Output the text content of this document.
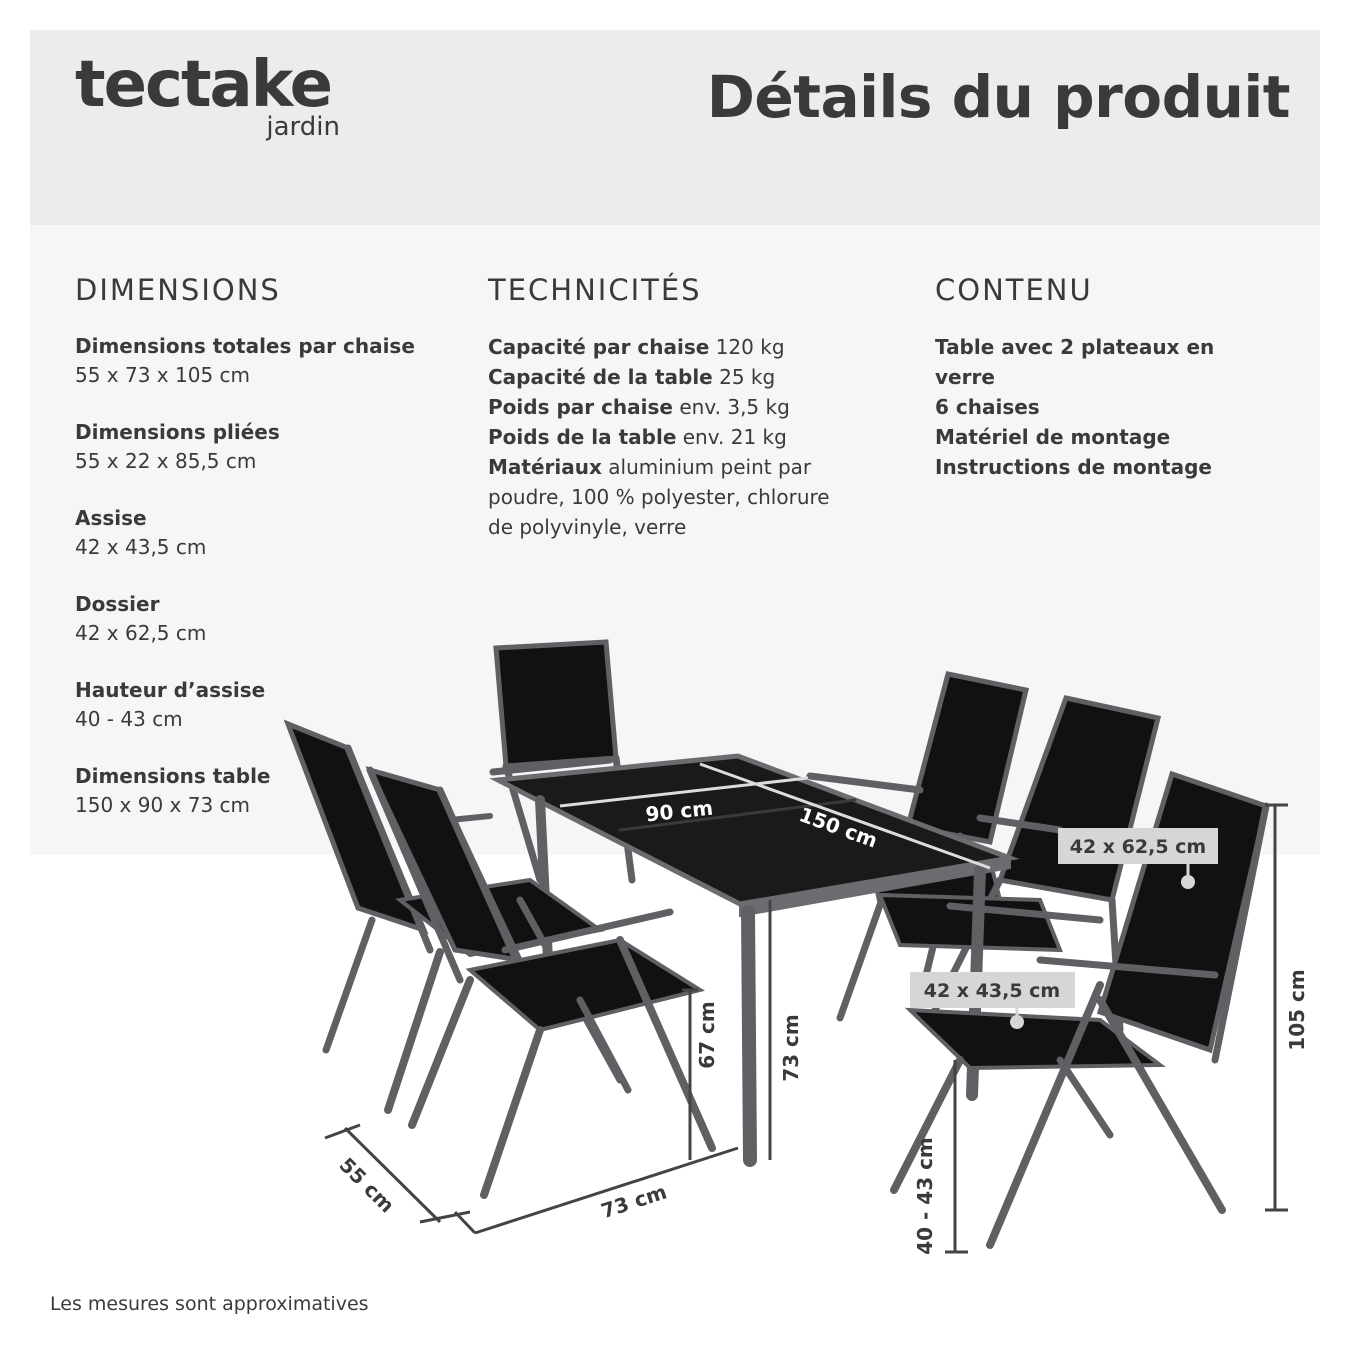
tectake
jardin	Détails du produit
DIMENSIONS
Dimensions totales par chaise
55 x 73 x 105 cm
Dimensions pliées
55 x 22 x 85,5 cm
Assise
42 x 43,5 cm
Dossier
42 x 62,5 cm
Hauteur d’assise
40 - 43 cm
Dimensions table
150 x 90 x 73 cm
TECHNICITÉS
Capacité par chaise 120 kg
Capacité de la table 25 kg
Poids par chaise env. 3,5 kg
Poids de la table env. 21 kg
Matériaux aluminium peint par
poudre, 100 % polyester, chlorure
de polyvinyle, verre
CONTENU
Table avec 2 plateaux en
verre
6 chaises
Matériel de montage
Instructions de montage
42 x 62,5 cm
42 x 43,5 cm
90 cm	150 cm
67 cm	73 cm	105 cm
40 - 43 cm
55 cm	73 cm
Les mesures sont approximatives
